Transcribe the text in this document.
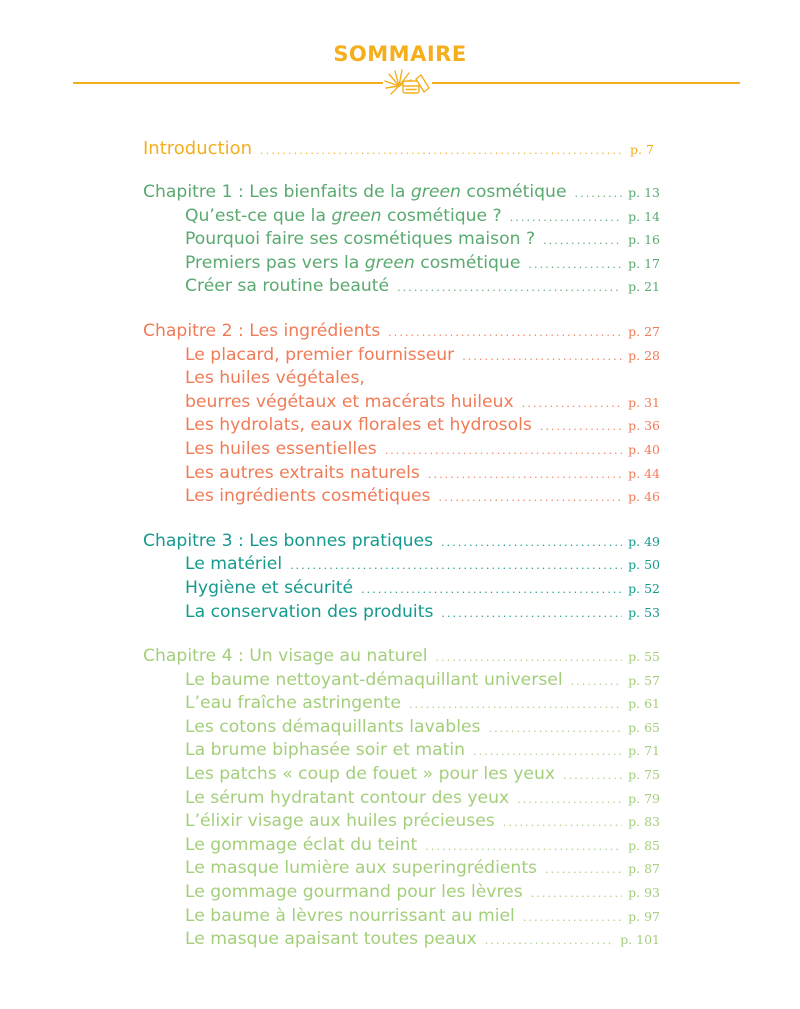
SOMMAIRE
Introduction . . .	p. 7
Chapitre 1 : Les bienfaits de la green cosmétique . . .	p. 13
Qu’est-ce que la green cosmétique ? . . .	p. 14
Pourquoi faire ses cosmétiques maison ? . . .	p. 16
Premiers pas vers la green cosmétique . . .	p. 17
Créer sa routine beauté . . .	p. 21
Chapitre 2 : Les ingrédients . . .	p. 27
Le placard, premier fournisseur . . .	p. 28
Les huiles végétales,
beurres végétaux et macérats huileux . . .	p. 31
Les hydrolats, eaux florales et hydrosols . . .	p. 36
Les huiles essentielles . . .	p. 40
Les autres extraits naturels . . .	p. 44
Les ingrédients cosmétiques . . .	p. 46
Chapitre 3 : Les bonnes pratiques . . .	p. 49
Le matériel . . .	p. 50
Hygiène et sécurité . . .	p. 52
La conservation des produits . . .	p. 53
Chapitre 4 : Un visage au naturel . . .	p. 55
Le baume nettoyant-démaquillant universel . . .	p. 57
L’eau fraîche astringente . . .	p. 61
Les cotons démaquillants lavables . . .	p. 65
La brume biphasée soir et matin . . .	p. 71
Les patchs « coup de fouet » pour les yeux . . .	p. 75
Le sérum hydratant contour des yeux . . .	p. 79
L’élixir visage aux huiles précieuses . . .	p. 83
Le gommage éclat du teint . . .	p. 85
Le masque lumière aux superingrédients . . .	p. 87
Le gommage gourmand pour les lèvres . . .	p. 93
Le baume à lèvres nourrissant au miel . . .	p. 97
Le masque apaisant toutes peaux . . .	p. 101
